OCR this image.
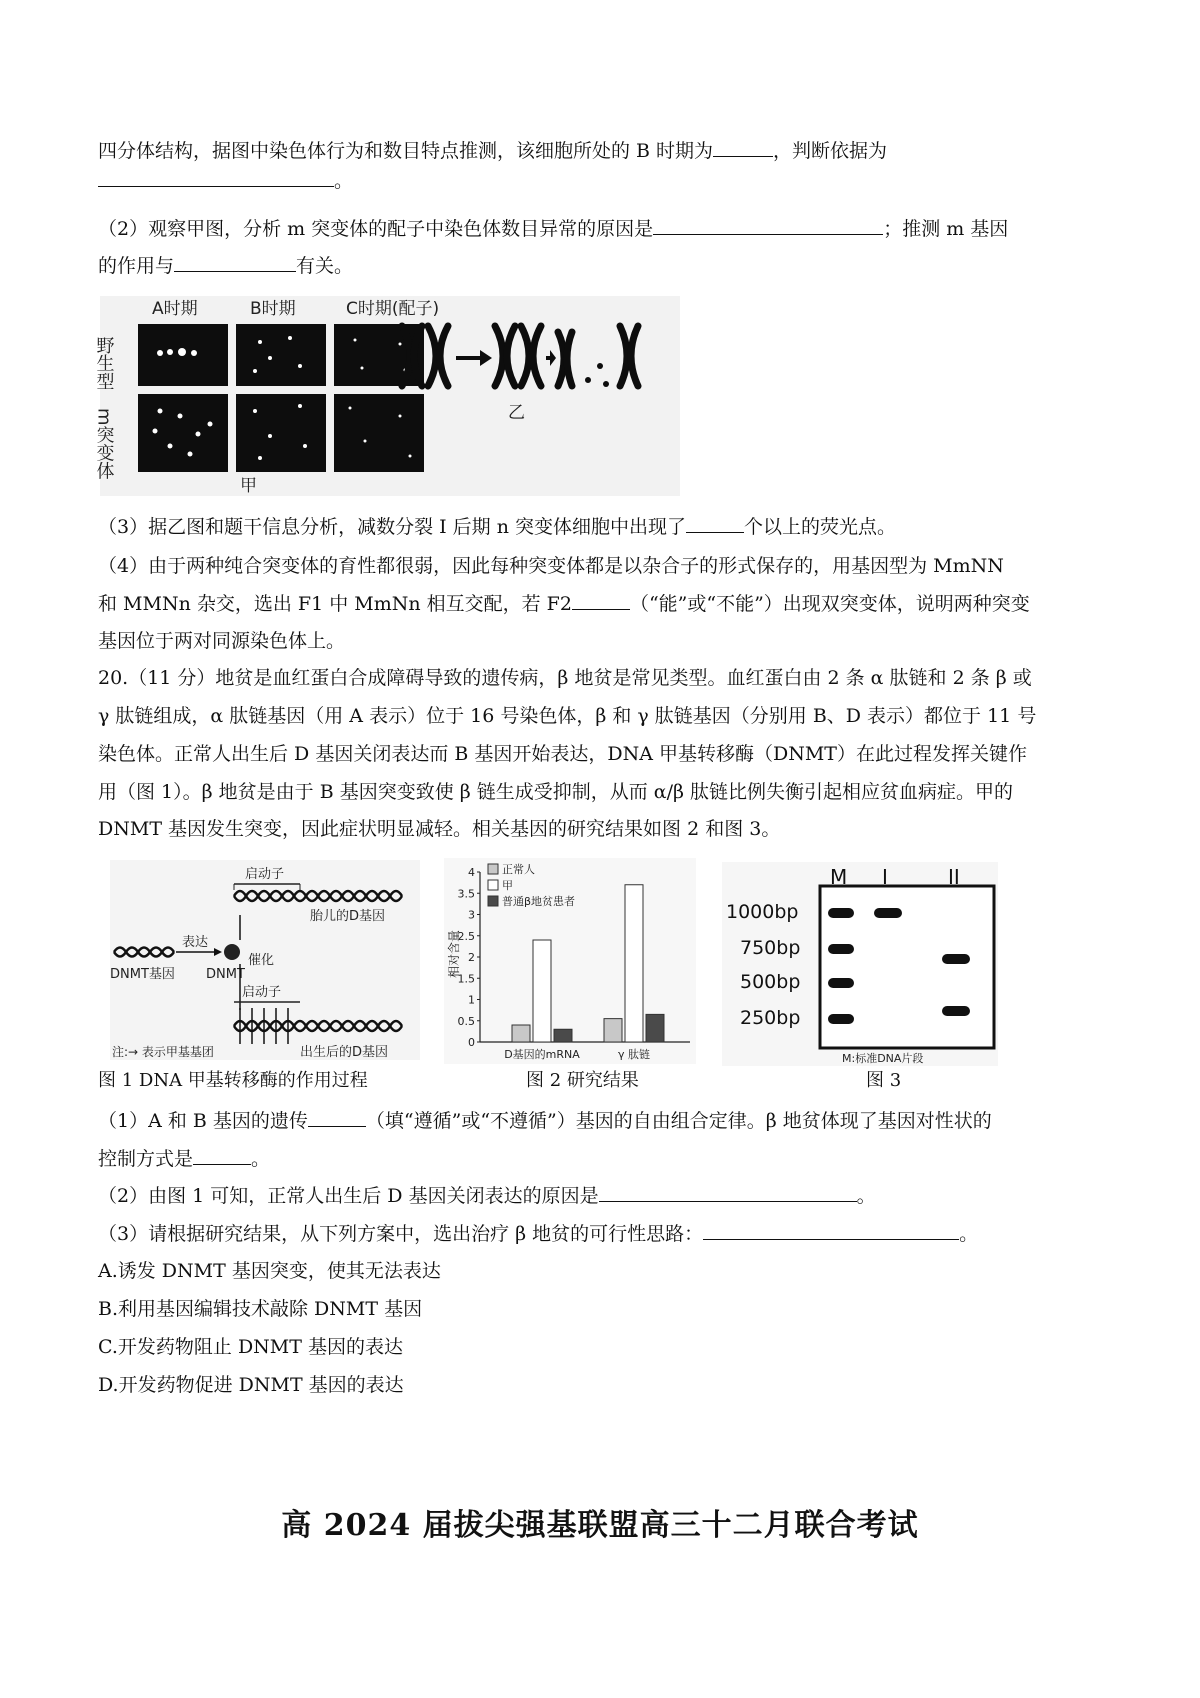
四分体结构，据图中染色体行为和数目特点推测，该细胞所处的 B 时期为	，判断依据为
。
（2）观察甲图，分析 m 突变体的配子中染色体数目异常的原因是	；推测 m 基因
的作用与	有关。
A时期	B时期	C时期(配子)
野生型
m突变体
甲
乙
（3）据乙图和题干信息分析，减数分裂 I 后期 n 突变体细胞中出现了	个以上的荧光点。
（4）由于两种纯合突变体的育性都很弱，因此每种突变体都是以杂合子的形式保存的，用基因型为 MmNN
和 MMNn 杂交，选出 F1 中 MmNn 相互交配，若 F2	（“能”或“不能”）出现双突变体，说明两种突变
基因位于两对同源染色体上。
20.（11 分）地贫是血红蛋白合成障碍导致的遗传病，β 地贫是常见类型。血红蛋白由 2 条 α 肽链和 2 条 β 或
γ 肽链组成，α 肽链基因（用 A 表示）位于 16 号染色体，β 和 γ 肽链基因（分别用 B、D 表示）都位于 11 号
染色体。正常人出生后 D 基因关闭表达而 B 基因开始表达，DNA 甲基转移酶（DNMT）在此过程发挥关键作
用（图 1）。β 地贫是由于 B 基因突变致使 β 链生成受抑制，从而 α/β 肽链比例失衡引起相应贫血病症。甲的
DNMT 基因发生突变，因此症状明显减轻。相关基因的研究结果如图 2 和图 3。
启动子
胎儿的D基因
表达
DNMT基因 DNMT
催化
启动子
注:→ 表示甲基基团	出生后的D基因
相对含量
0
0.5
1
1.5
2
2.5
3
3.5
4 正常人
甲
普通β地贫患者
D基因的mRNA	γ 肽链
M I	II
1000bp
750bp
500bp
250bp
M:标准DNA片段
图 1 DNA 甲基转移酶的作用过程	图 2 研究结果	图 3
（1）A 和 B 基因的遗传	（填“遵循”或“不遵循”）基因的自由组合定律。β 地贫体现了基因对性状的
控制方式是	。
（2）由图 1 可知，正常人出生后 D 基因关闭表达的原因是	。
（3）请根据研究结果，从下列方案中，选出治疗 β 地贫的可行性思路：	。
A.诱发 DNMT 基因突变，使其无法表达
B.利用基因编辑技术敲除 DNMT 基因
C.开发药物阻止 DNMT 基因的表达
D.开发药物促进 DNMT 基因的表达
高 2024 届拔尖强基联盟高三十二月联合考试
